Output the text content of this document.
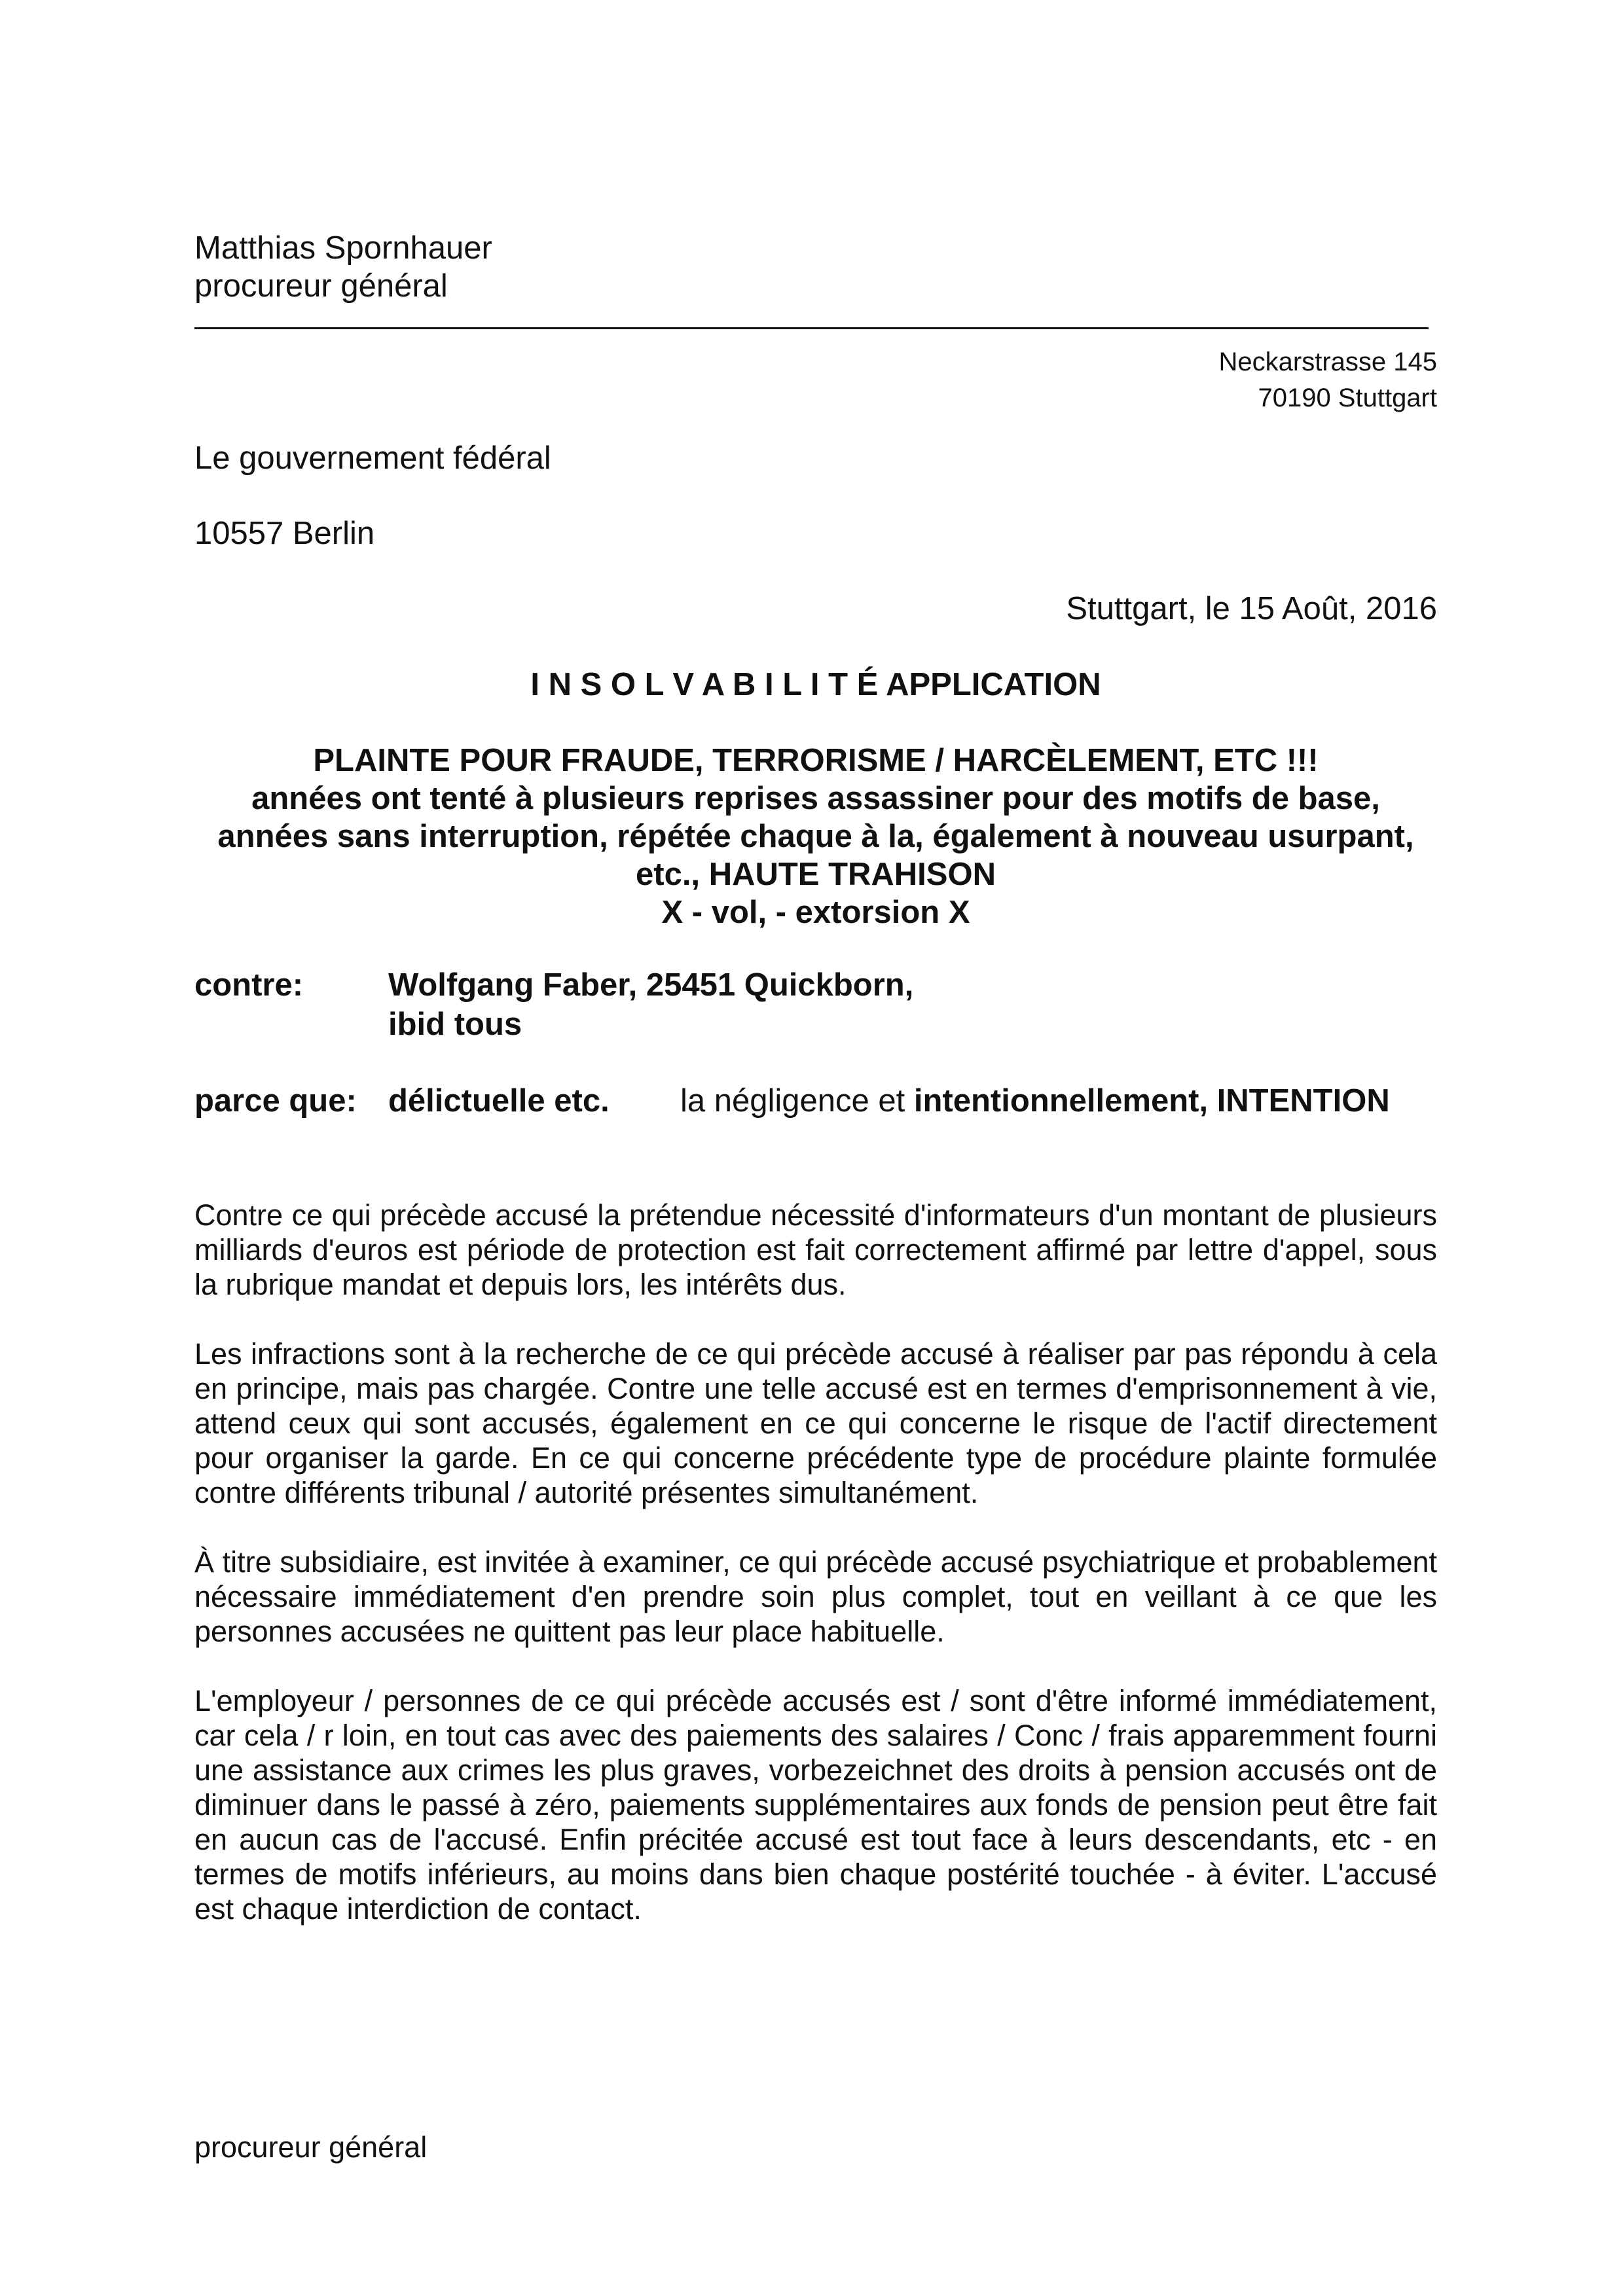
Matthias Spornhauer
procureur général
Neckarstrasse 145
70190 Stuttgart
Le gouvernement fédéral
10557 Berlin
Stuttgart, le 15 Août, 2016
I N S O L V A B I L I T É APPLICATION
PLAINTE POUR FRAUDE, TERRORISME / HARCÈLEMENT, ETC !!!
années ont tenté à plusieurs reprises assassiner pour des motifs de base,
années sans interruption, répétée chaque à la, également à nouveau usurpant,
etc., HAUTE TRAHISON
X - vol, - extorsion X
contre:	Wolfgang Faber, 25451 Quickborn,
ibid tous
parce que: délictuelle etc. la négligence et intentionnellement, INTENTION

Contre ce qui précède accusé la prétendue nécessité d'informateurs d'un montant de plusieurs milliards d'euros est période de protection est fait correctement affirmé par lettre d'appel, sous la rubrique mandat et depuis lors, les intérêts dus.

Les infractions sont à la recherche de ce qui précède accusé à réaliser par pas répondu à cela en principe, mais pas chargée. Contre une telle accusé est en termes d'emprisonnement à vie, attend ceux qui sont accusés, également en ce qui concerne le risque de l'actif directement pour organiser la garde. En ce qui concerne précédente type de procédure plainte formulée contre différents tribunal / autorité présentes simultanément.

À titre subsidiaire, est invitée à examiner, ce qui précède accusé psychiatrique et probablement nécessaire immédiatement d'en prendre soin plus complet, tout en veillant à ce que les personnes accusées ne quittent pas leur place habituelle.

L'employeur / personnes de ce qui précède accusés est / sont d'être informé immédiatement, car cela / r loin, en tout cas avec des paiements des salaires / Conc / frais apparemment fourni une assistance aux crimes les plus graves, vorbezeichnet des droits à pension accusés ont de diminuer dans le passé à zéro, paiements supplémentaires aux fonds de pension peut être fait en aucun cas de l'accusé. Enfin précitée accusé est tout face à leurs descendants, etc - en termes de motifs inférieurs, au moins dans bien chaque postérité touchée - à éviter. L'accusé est chaque interdiction de contact.

procureur général
